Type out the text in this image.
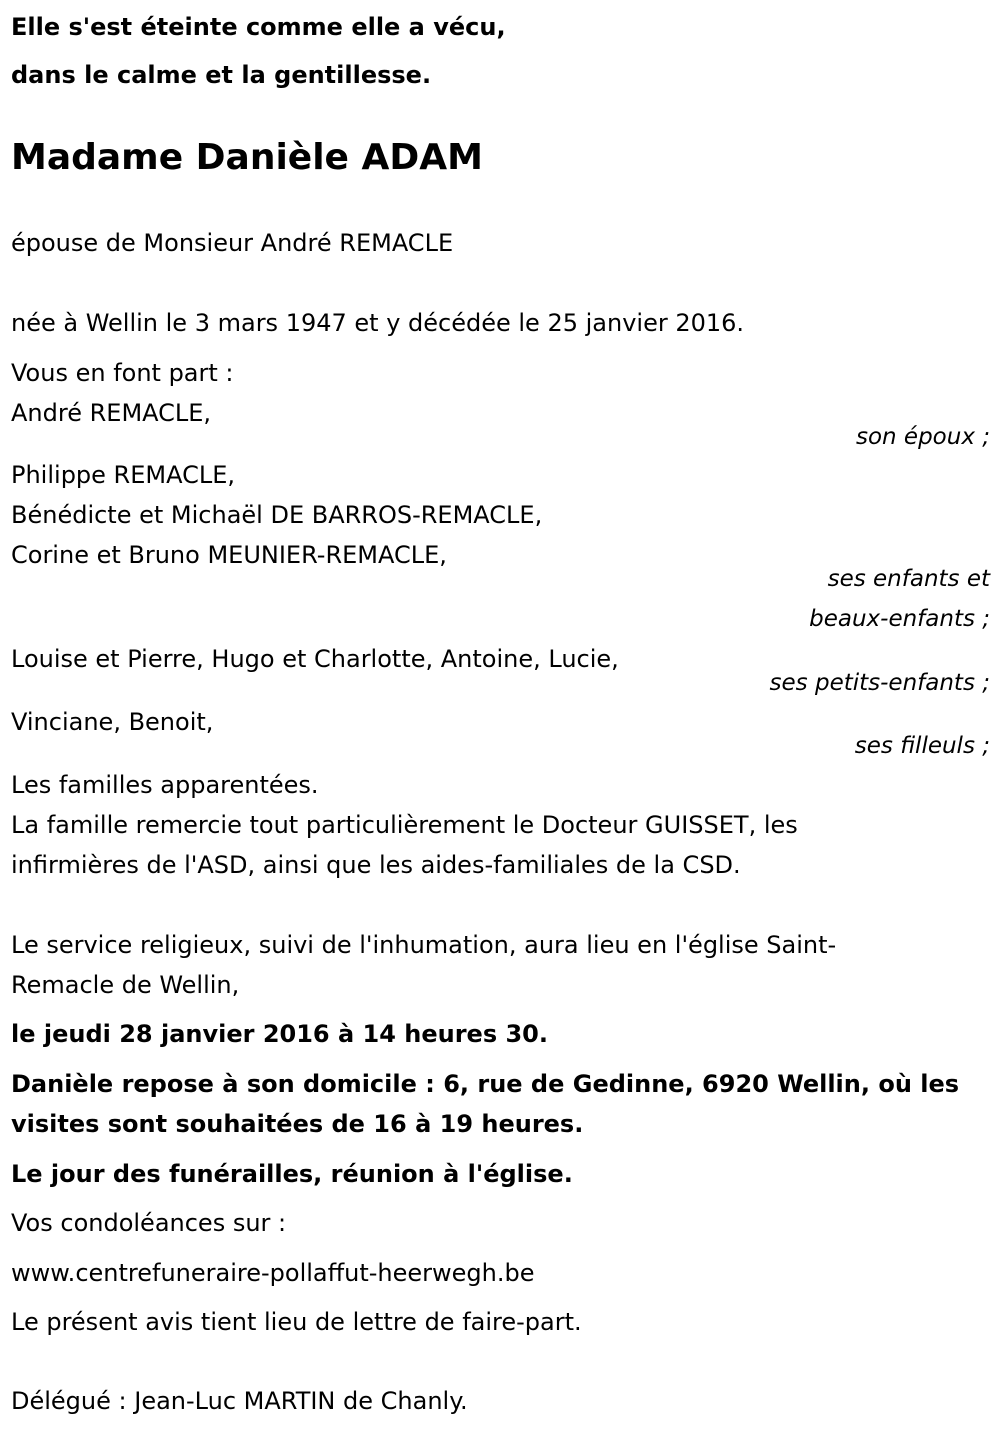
Elle s'est éteinte comme elle a vécu,
dans le calme et la gentillesse.
Madame Danièle ADAM
épouse de Monsieur André REMACLE
née à Wellin le 3 mars 1947 et y décédée le 25 janvier 2016.
Vous en font part :
André REMACLE,
son époux ;
Philippe REMACLE,
Bénédicte et Michaël DE BARROS-REMACLE,
Corine et Bruno MEUNIER-REMACLE,
ses enfants et
beaux-enfants ;
Louise et Pierre, Hugo et Charlotte, Antoine, Lucie,
ses petits-enfants ;
Vinciane, Benoit,
ses filleuls ;
Les familles apparentées.
La famille remercie tout particulièrement le Docteur GUISSET, les
infirmières de l'ASD, ainsi que les aides-familiales de la CSD.
Le service religieux, suivi de l'inhumation, aura lieu en l'église Saint-
Remacle de Wellin,
le jeudi 28 janvier 2016 à 14 heures 30.
Danièle repose à son domicile : 6, rue de Gedinne, 6920 Wellin, où les
visites sont souhaitées de 16 à 19 heures.
Le jour des funérailles, réunion à l'église.
Vos condoléances sur :
www.centrefuneraire-pollaffut-heerwegh.be
Le présent avis tient lieu de lettre de faire-part.
Délégué : Jean-Luc MARTIN de Chanly.
